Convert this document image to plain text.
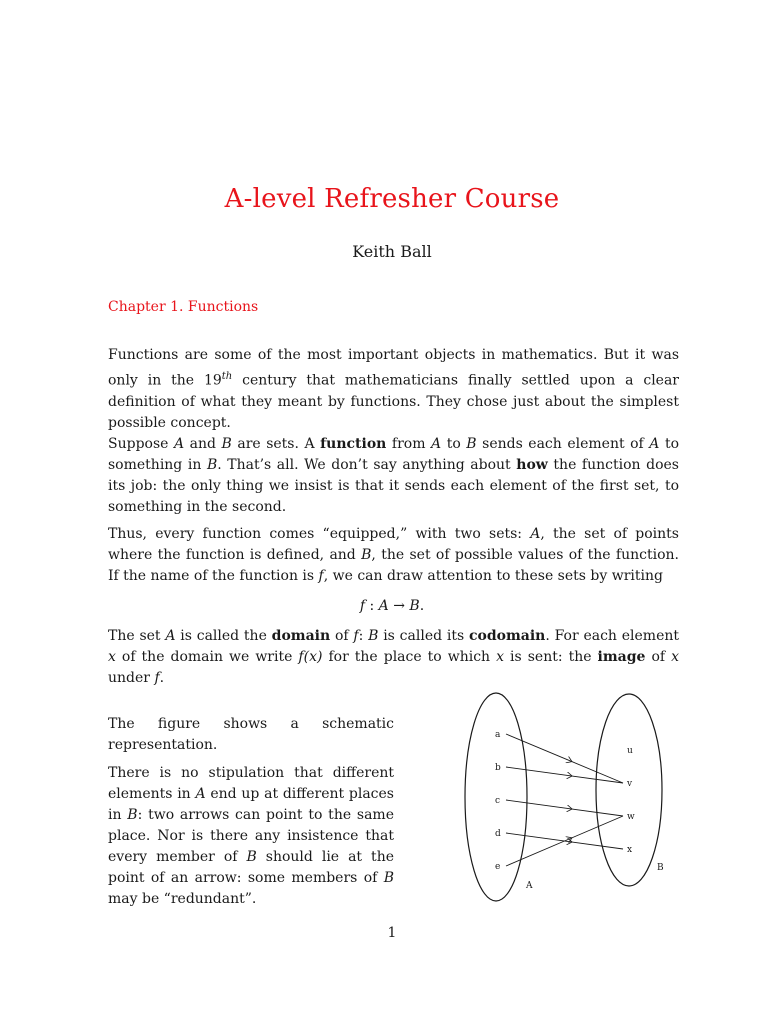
A-level Refresher Course
Keith Ball
Chapter 1. Functions

Functions are some of the most important objects in mathematics. But it was only in the 19th century that mathematicians finally settled upon a clear definition of what they meant by functions. They chose just about the simplest possible concept.

Suppose A and B are sets. A function from A to B sends each element of A to something in B. That’s all. We don’t say anything about how the function does its job: the only thing we insist is that it sends each element of the first set, to something in the second.

Thus, every function comes “equipped,” with two sets: A, the set of points where the function is defined, and B, the set of possible values of the function. If the name of the function is f, we can draw attention to these sets by writing

f : A → B.

The set A is called the domain of f: B is called its codomain. For each element x of the domain we write f(x) for the place to which x is sent: the image of x under f.

The figure shows a schematic representation.

There is no stipulation that different elements in A end up at different places in B: two arrows can point to the same place. Nor is there any insistence that every member of B should lie at the point of an arrow: some members of B may be “redundant”.

a
b
c
d
e
u
v
w
x
A
B
1
